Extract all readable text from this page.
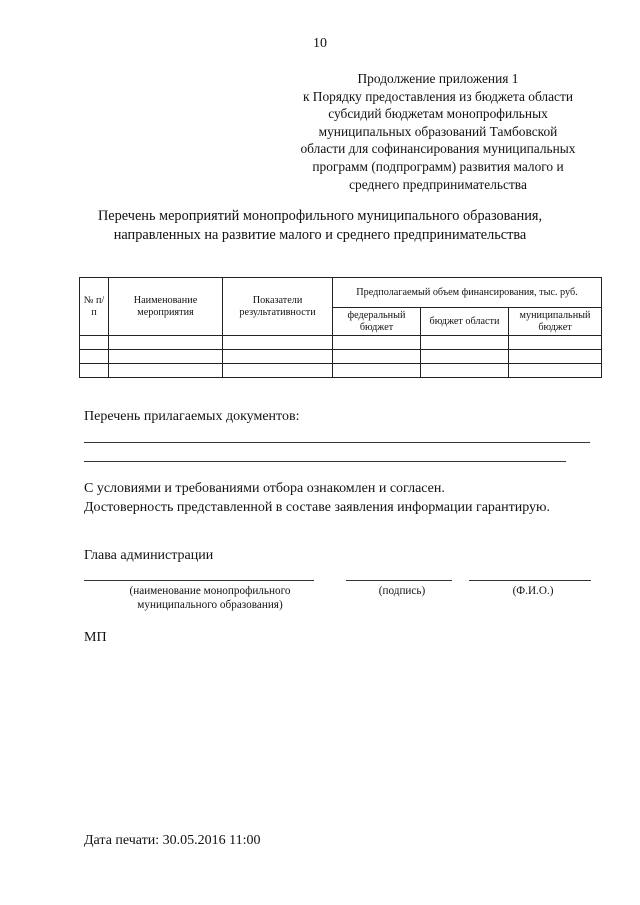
10
Продолжение приложения 1
к Порядку предоставления из бюджета области
субсидий бюджетам монопрофильных
муниципальных образований Тамбовской
области для софинансирования муниципальных
программ (подпрограмм) развития малого и
среднего предпринимательства
Перечень мероприятий монопрофильного муниципального образования,
направленных на развитие малого и среднего предпринимательства
№ п/п	Наименование мероприятия	Показатели результативности	Предполагаемый объем финансирования, тыс. руб.		
			федеральный бюджет	бюджет области	муниципальный бюджет

Перечень прилагаемых документов:
С условиями и требованиями отбора ознакомлен и согласен.
Достоверность представленной в составе заявления информации гарантирую.
Глава администрации
(наименование монопрофильного
муниципального образования)
(подпись)	(Ф.И.О.)
МП
Дата печати: 30.05.2016 11:00
